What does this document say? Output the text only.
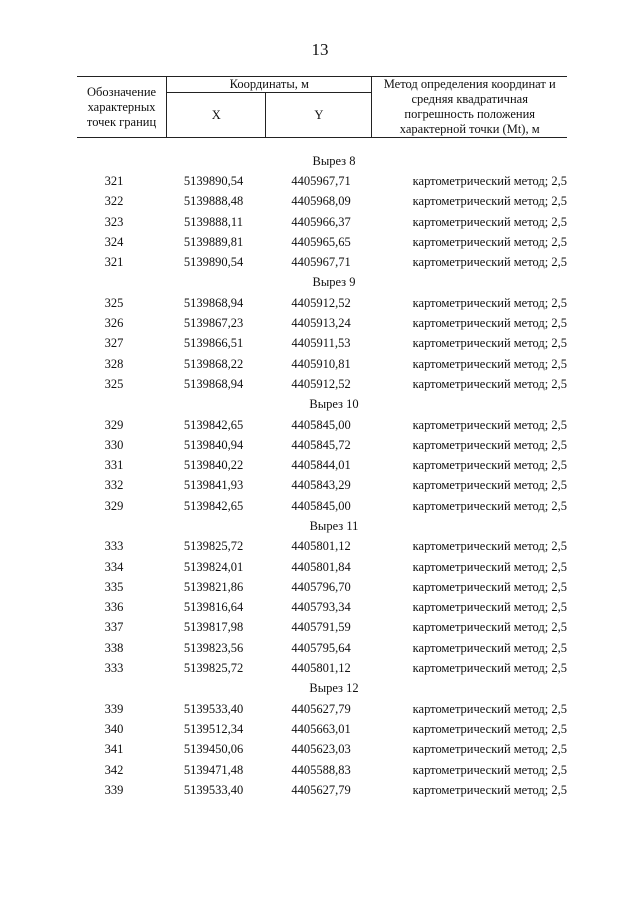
13
Обозначение характерных точек границ	Координаты, м		Метод определения координат и средняя квадратичная погрешность положения характерной точки (Mt), м
	X	Y	

Вырез 8			
321	5139890,54	4405967,71	картометрический метод; 2,5
322	5139888,48	4405968,09	картометрический метод; 2,5
323	5139888,11	4405966,37	картометрический метод; 2,5
324	5139889,81	4405965,65	картометрический метод; 2,5
321	5139890,54	4405967,71	картометрический метод; 2,5
Вырез 9			
325	5139868,94	4405912,52	картометрический метод; 2,5
326	5139867,23	4405913,24	картометрический метод; 2,5
327	5139866,51	4405911,53	картометрический метод; 2,5
328	5139868,22	4405910,81	картометрический метод; 2,5
325	5139868,94	4405912,52	картометрический метод; 2,5
Вырез 10			
329	5139842,65	4405845,00	картометрический метод; 2,5
330	5139840,94	4405845,72	картометрический метод; 2,5
331	5139840,22	4405844,01	картометрический метод; 2,5
332	5139841,93	4405843,29	картометрический метод; 2,5
329	5139842,65	4405845,00	картометрический метод; 2,5
Вырез 11			
333	5139825,72	4405801,12	картометрический метод; 2,5
334	5139824,01	4405801,84	картометрический метод; 2,5
335	5139821,86	4405796,70	картометрический метод; 2,5
336	5139816,64	4405793,34	картометрический метод; 2,5
337	5139817,98	4405791,59	картометрический метод; 2,5
338	5139823,56	4405795,64	картометрический метод; 2,5
333	5139825,72	4405801,12	картометрический метод; 2,5
Вырез 12			
339	5139533,40	4405627,79	картометрический метод; 2,5
340	5139512,34	4405663,01	картометрический метод; 2,5
341	5139450,06	4405623,03	картометрический метод; 2,5
342	5139471,48	4405588,83	картометрический метод; 2,5
339	5139533,40	4405627,79	картометрический метод; 2,5
